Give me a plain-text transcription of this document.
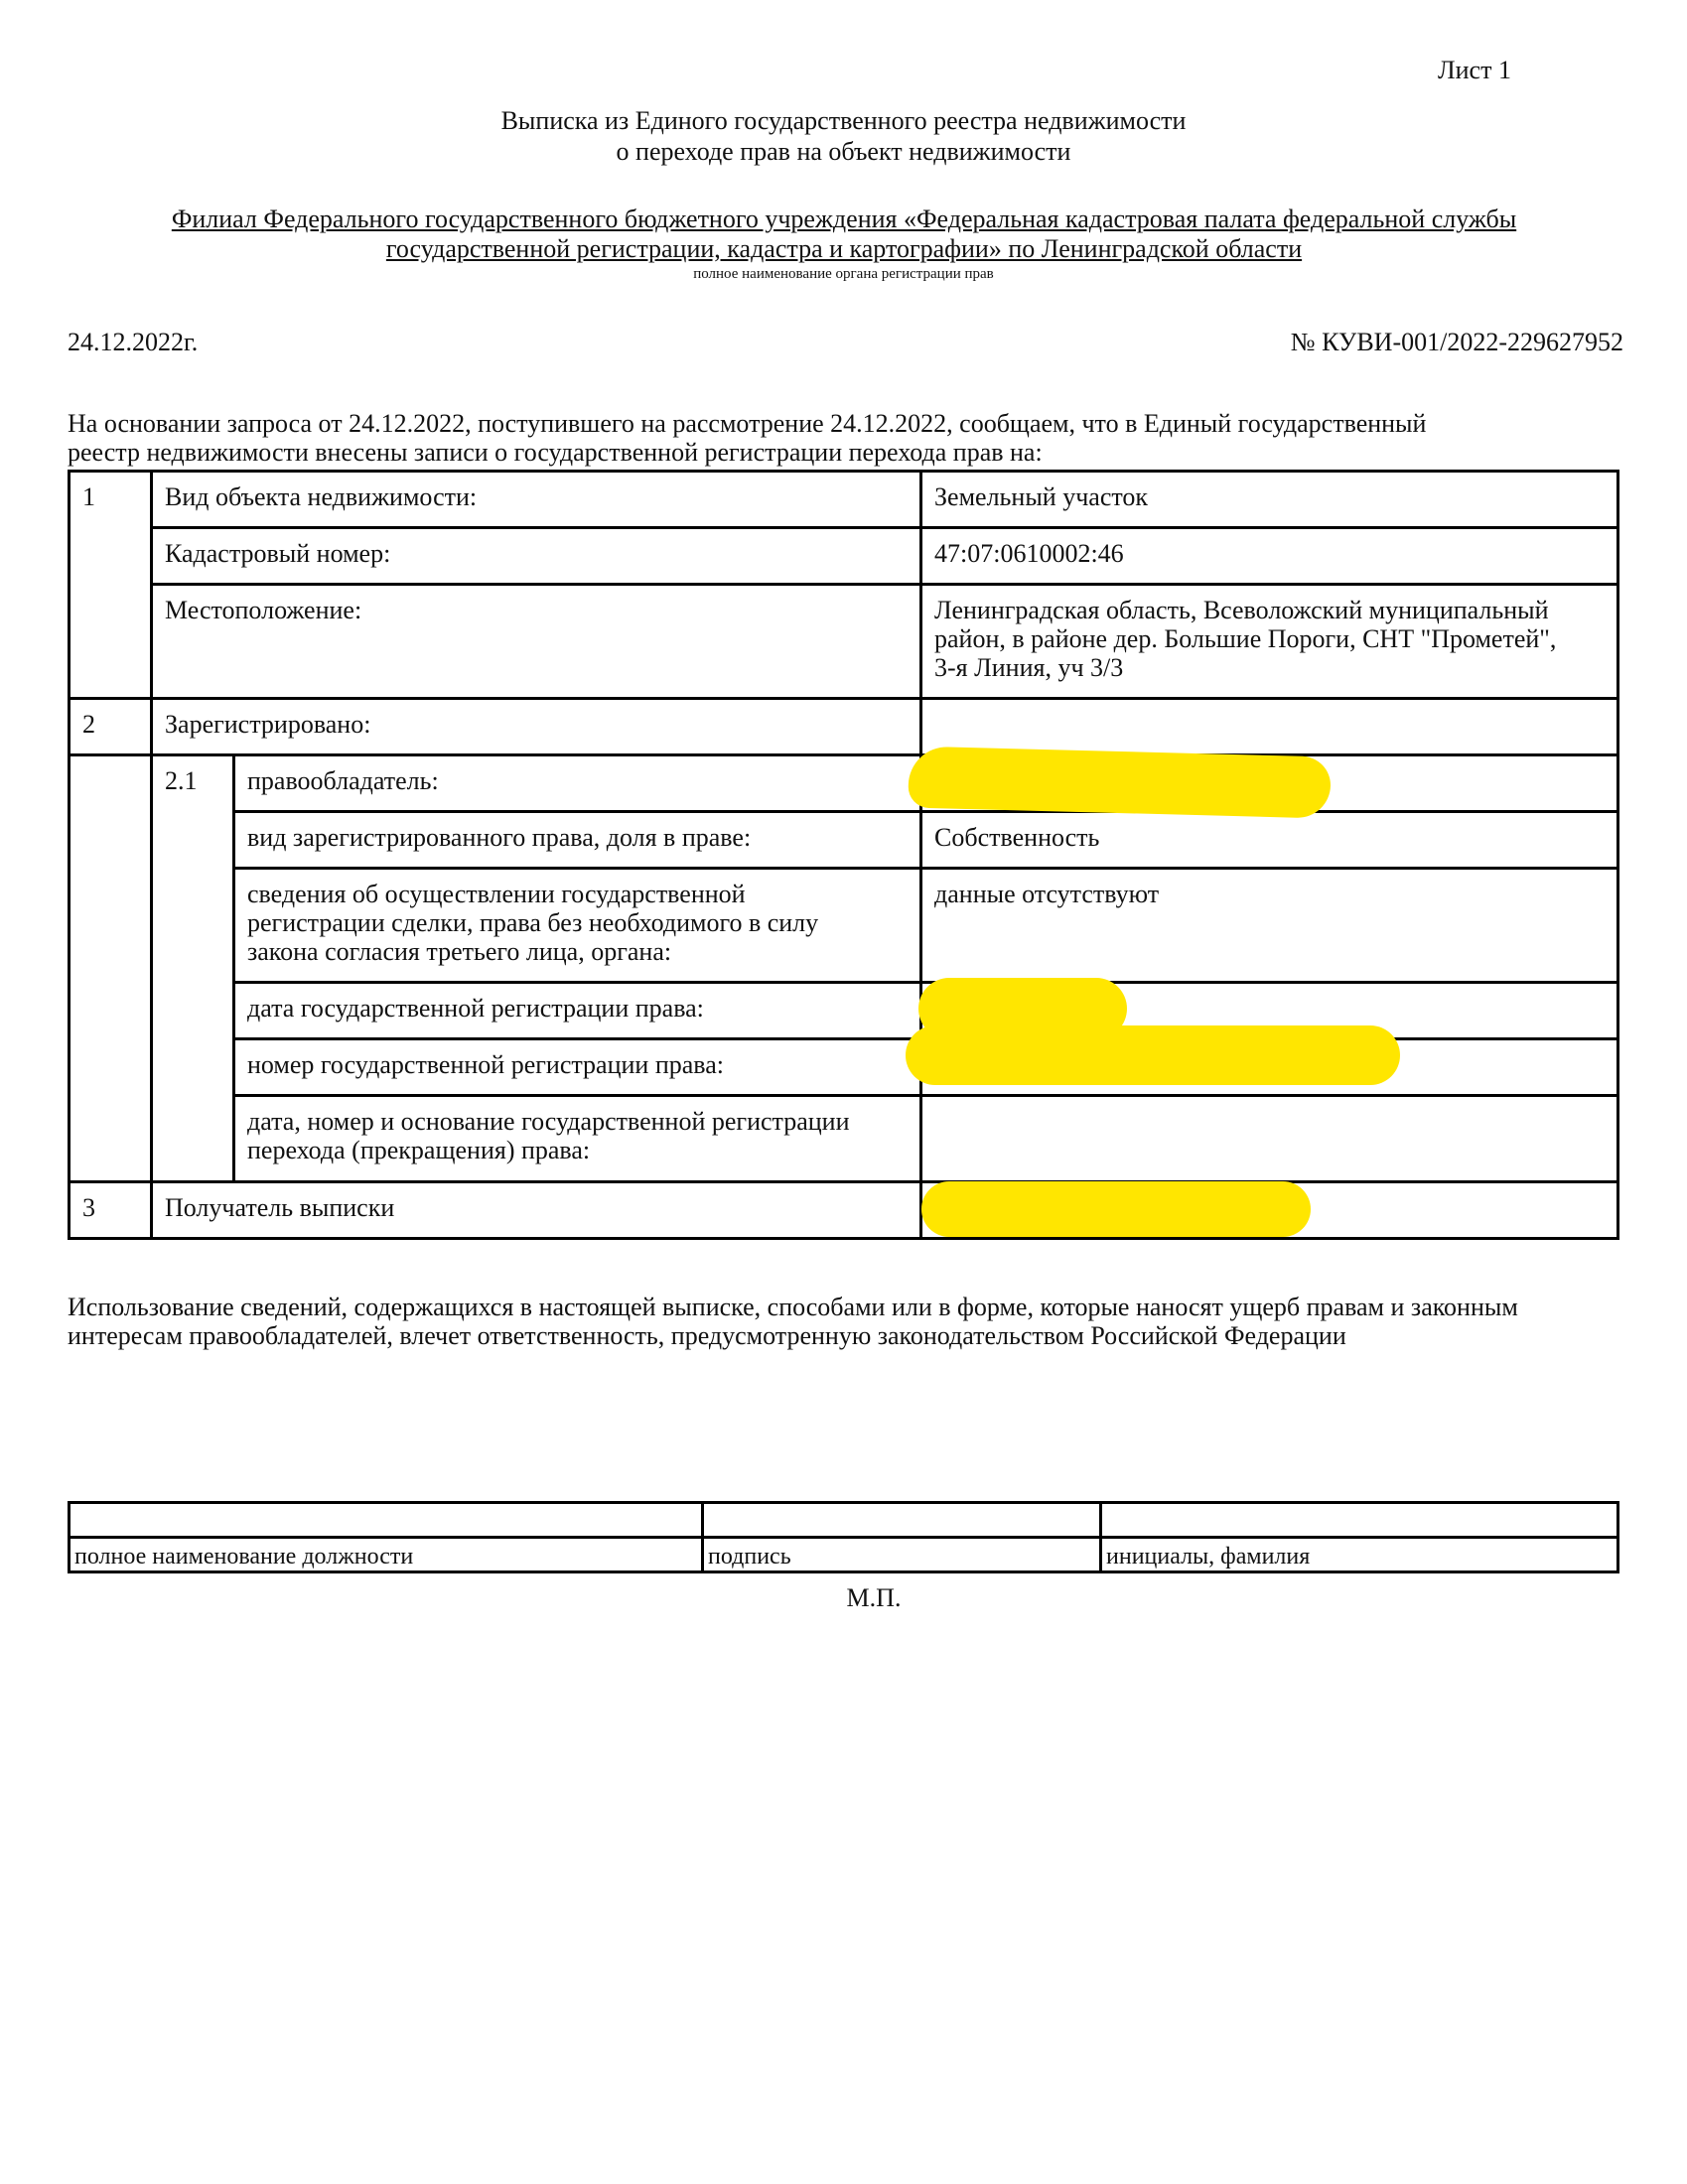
Лист 1
Выписка из Единого государственного реестра недвижимости
о переходе прав на объект недвижимости
Филиал Федерального государственного бюджетного учреждения «Федеральная кадастровая палата федеральной службы
государственной регистрации, кадастра и картографии» по Ленинградской области
полное наименование органа регистрации прав
24.12.2022г.	№ КУВИ-001/2022-229627952
На основании запроса от 24.12.2022, поступившего на рассмотрение 24.12.2022, сообщаем, что в Единый государственный
реестр недвижимости внесены записи о государственной регистрации перехода прав на:
1	Вид объекта недвижимости:		Земельный участок
	Кадастровый номер:		47:07:0610002:46
	Местоположение:		Ленинградская область, Всеволожский муниципальный
район, в районе дер. Большие Пороги, СНТ "Прометей",
3-я Линия, уч 3/3

2	Зарегистрировано:		
	2.1	правообладатель:	
		вид зарегистрированного права, доля в праве:	Собственность

		сведения об осуществлении государственной
регистрации сделки, права без необходимого в силу
закона согласия третьего лица, органа:	данные отсутствуют
		дата государственной регистрации права:	
		номер государственной регистрации права:	

		дата, номер и основание государственной регистрации
перехода (прекращения) права:	

3	Получатель выписки		
Использование сведений, содержащихся в настоящей выписке, способами или в форме, которые наносят ущерб правам и законным
интересам правообладателей, влечет ответственность, предусмотренную законодательством Российской Федерации

полное наименование должности	подпись	инициалы, фамилия
М.П.
